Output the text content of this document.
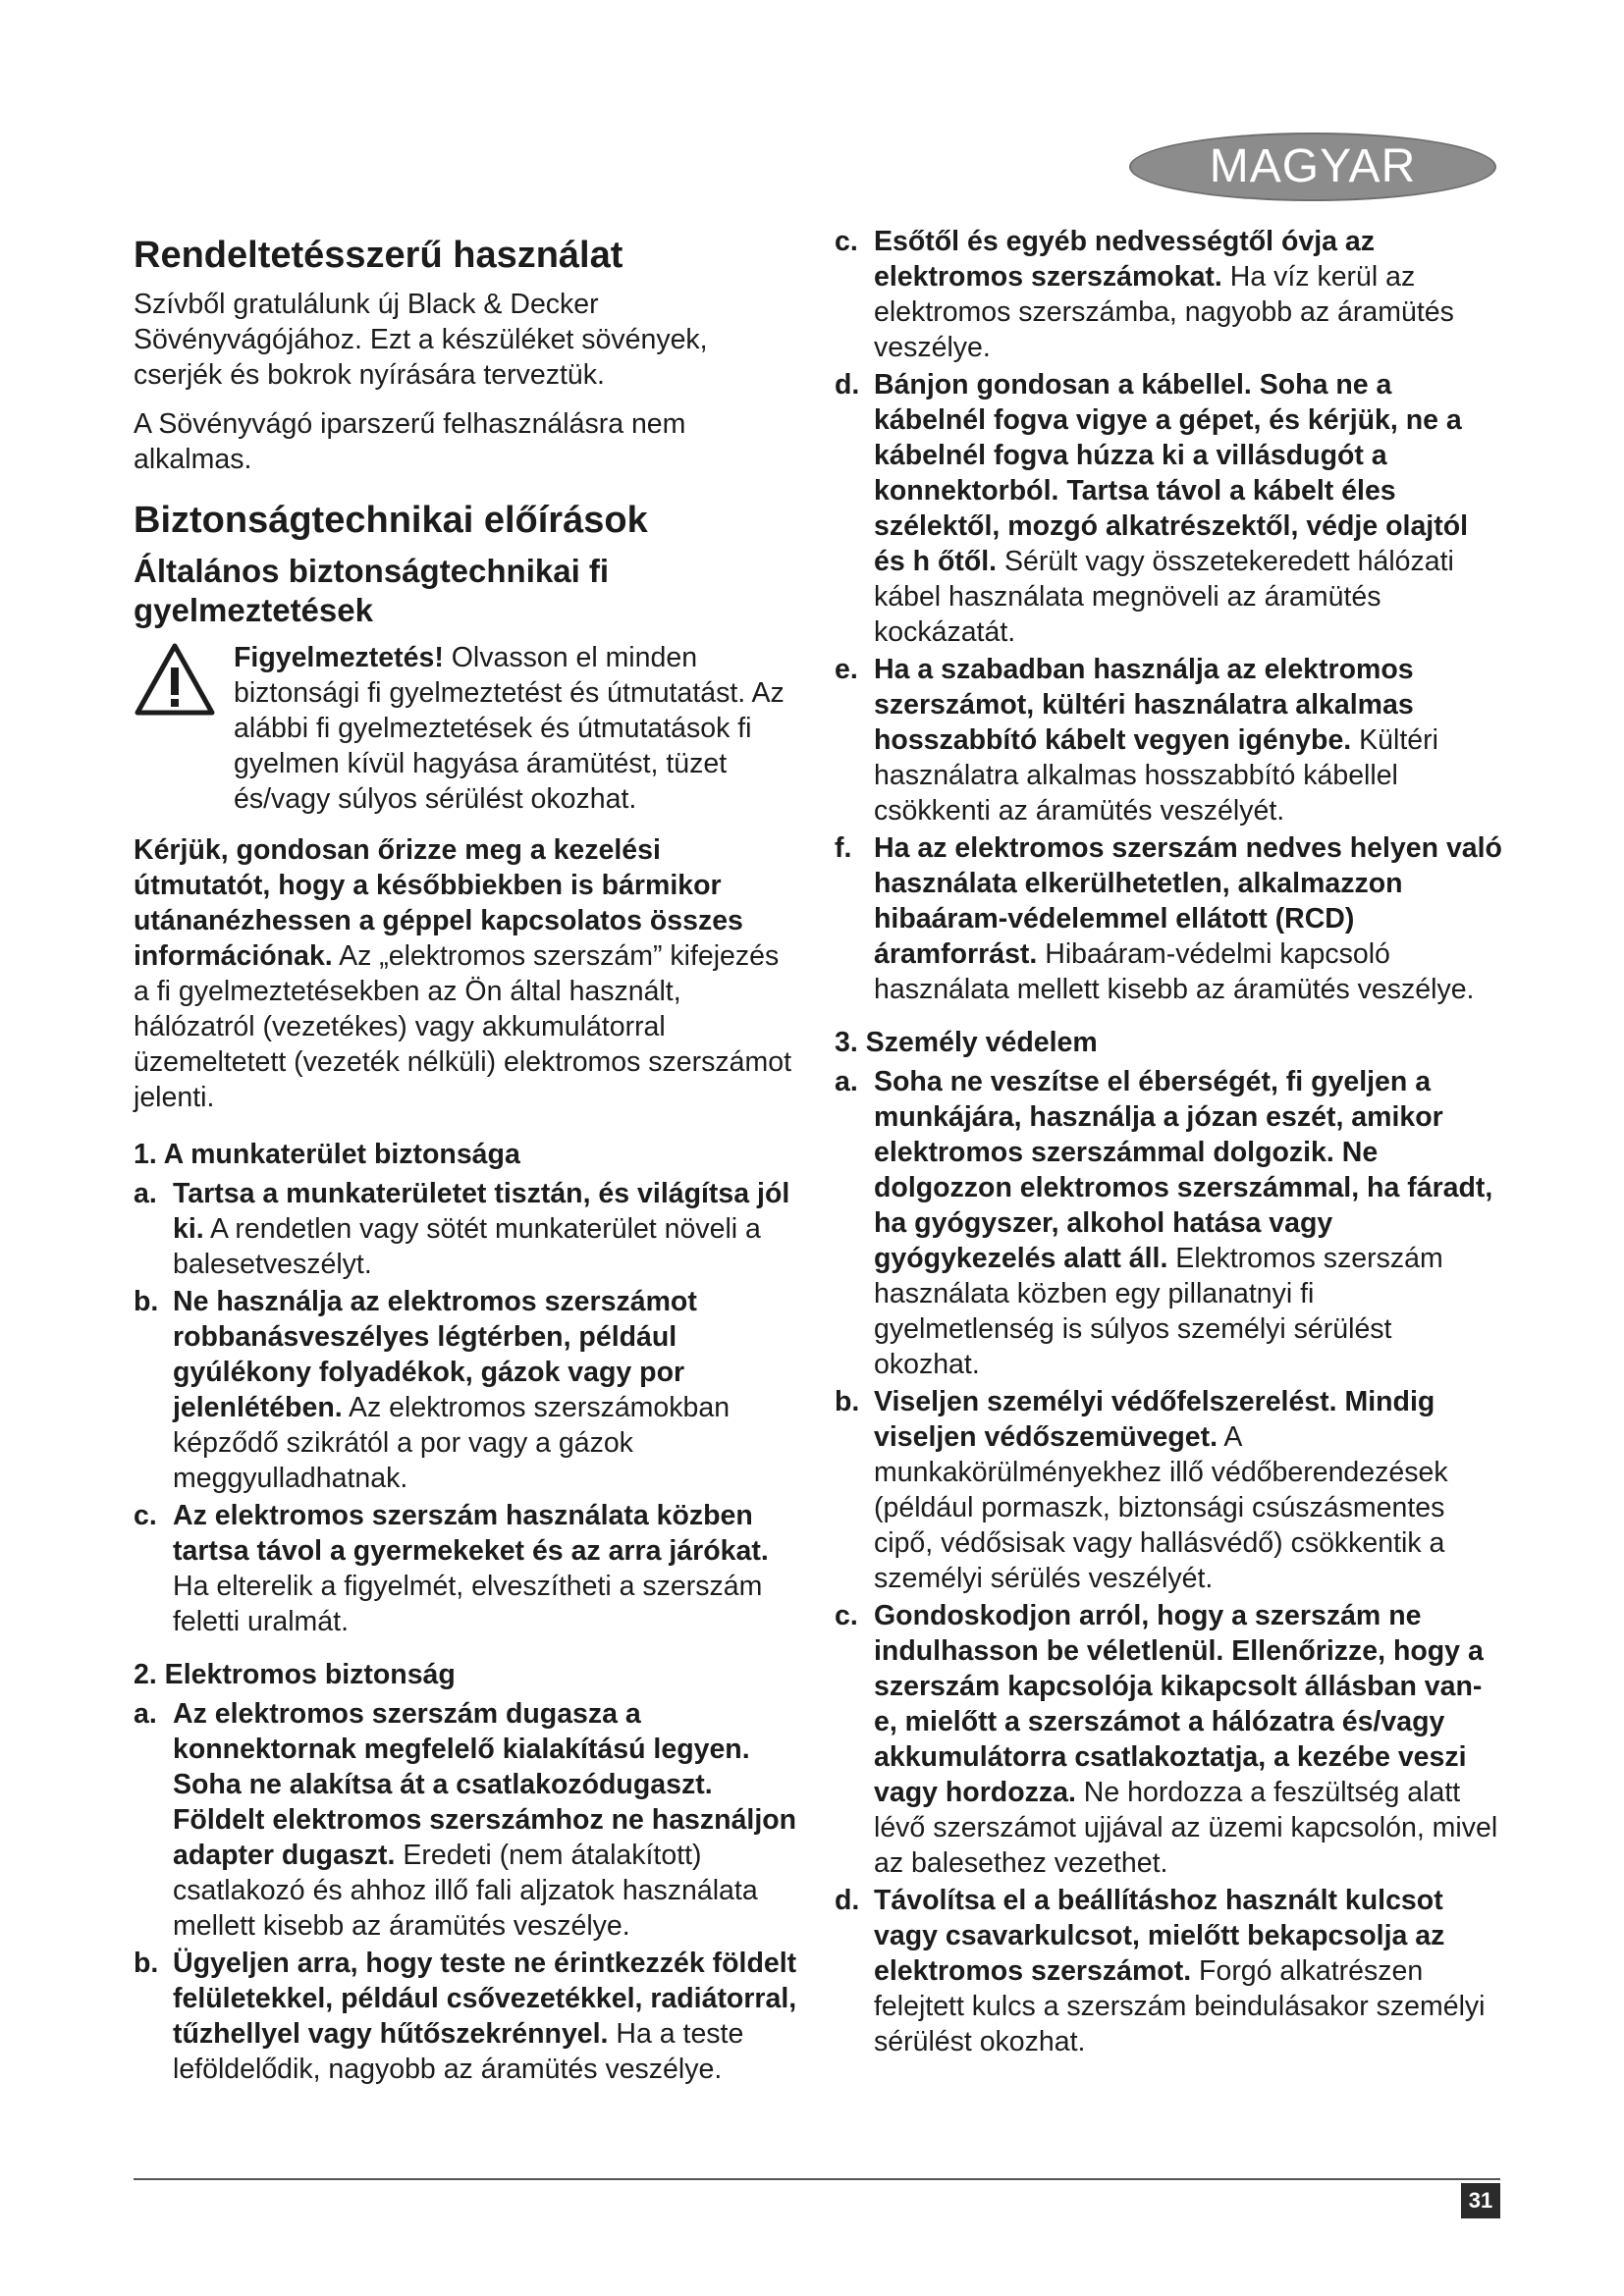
MAGYAR
Rendeltetésszerű használat

Szívből gratulálunk új Black & Decker Sövényvágójához. Ezt a készüléket sövények, cserjék és bokrok nyírására terveztük.

A Sövényvágó iparszerű felhasználásra nem alkalmas.

Biztonságtechnikai előírások
Általános biztonságtechnikai fi gyelmeztetések
Figyelmeztetés! Olvasson el minden biztonsági fi gyelmeztetést és útmutatást. Az alábbi fi gyelmeztetések és útmutatások fi gyelmen kívül hagyása áramütést, tüzet és/vagy súlyos sérülést okozhat.

Kérjük, gondosan őrizze meg a kezelési útmutatót, hogy a későbbiekben is bármikor utánanézhessen a géppel kapcsolatos összes információnak. Az „elektromos szerszám” kifejezés a fi gyelmeztetésekben az Ön által használt, hálózatról (vezetékes) vagy akkumulátorral üzemeltetett (vezeték nélküli) elektromos szerszámot jelenti.

1. A munkaterület biztonsága
a. Tartsa a munkaterületet tisztán, és világítsa jól ki. A rendetlen vagy sötét munkaterület növeli a balesetveszélyt.
b. Ne használja az elektromos szerszámot robbanásveszélyes légtérben, például gyúlékony folyadékok, gázok vagy por jelenlétében. Az elektromos szerszámokban képződő szikrától a por vagy a gázok meggyulladhatnak.
c. Az elektromos szerszám használata közben tartsa távol a gyermekeket és az arra járókat. Ha elterelik a figyelmét, elveszítheti a szerszám feletti uralmát.
2. Elektromos biztonság
a. Az elektromos szerszám dugasza a konnektornak megfelelő kialakítású legyen. Soha ne alakítsa át a csatlakozódugaszt. Földelt elektromos szerszámhoz ne használjon adapter dugaszt. Eredeti (nem átalakított) csatlakozó és ahhoz illő fali aljzatok használata mellett kisebb az áramütés veszélye.
b. Ügyeljen arra, hogy teste ne érintkezzék földelt felületekkel, például csővezetékkel, radiátorral, tűzhellyel vagy hűtőszekrénnyel. Ha a teste leföldelődik, nagyobb az áramütés veszélye.
c. Esőtől és egyéb nedvességtől óvja az elektromos szerszámokat. Ha víz kerül az elektromos szerszámba, nagyobb az áramütés veszélye.
d. Bánjon gondosan a kábellel. Soha ne a kábelnél fogva vigye a gépet, és kérjük, ne a kábelnél fogva húzza ki a villásdugót a konnektorból. Tartsa távol a kábelt éles szélektől, mozgó alkatrészektől, védje olajtól és h őtől. Sérült vagy összetekeredett hálózati kábel használata megnöveli az áramütés kockázatát.
e. Ha a szabadban használja az elektromos szerszámot, kültéri használatra alkalmas hosszabbító kábelt vegyen igénybe. Kültéri használatra alkalmas hosszabbító kábellel csökkenti az áramütés veszélyét.
f. Ha az elektromos szerszám nedves helyen való használata elkerülhetetlen, alkalmazzon hibaáram-védelemmel ellátott (RCD) áramforrást. Hibaáram-védelmi kapcsoló használata mellett kisebb az áramütés veszélye.
3. Személy védelem
a. Soha ne veszítse el éberségét, fi gyeljen a munkájára, használja a józan eszét, amikor elektromos szerszámmal dolgozik. Ne dolgozzon elektromos szerszámmal, ha fáradt, ha gyógyszer, alkohol hatása vagy gyógykezelés alatt áll. Elektromos szerszám használata közben egy pillanatnyi fi gyelmetlenség is súlyos személyi sérülést okozhat.
b. Viseljen személyi védőfelszerelést. Mindig viseljen védőszemüveget. A munkakörülményekhez illő védőberendezések (például pormaszk, biztonsági csúszásmentes cipő, védősisak vagy hallásvédő) csökkentik a személyi sérülés veszélyét.
c. Gondoskodjon arról, hogy a szerszám ne indulhasson be véletlenül. Ellenőrizze, hogy a szerszám kapcsolója kikapcsolt állásban van-e, mielőtt a szerszámot a hálózatra és/vagy akkumulátorra csatlakoztatja, a kezébe veszi vagy hordozza. Ne hordozza a feszültség alatt lévő szerszámot ujjával az üzemi kapcsolón, mivel az balesethez vezethet.
d. Távolítsa el a beállításhoz használt kulcsot vagy csavarkulcsot, mielőtt bekapcsolja az elektromos szerszámot. Forgó alkatrészen felejtett kulcs a szerszám beindulásakor személyi sérülést okozhat.
31
